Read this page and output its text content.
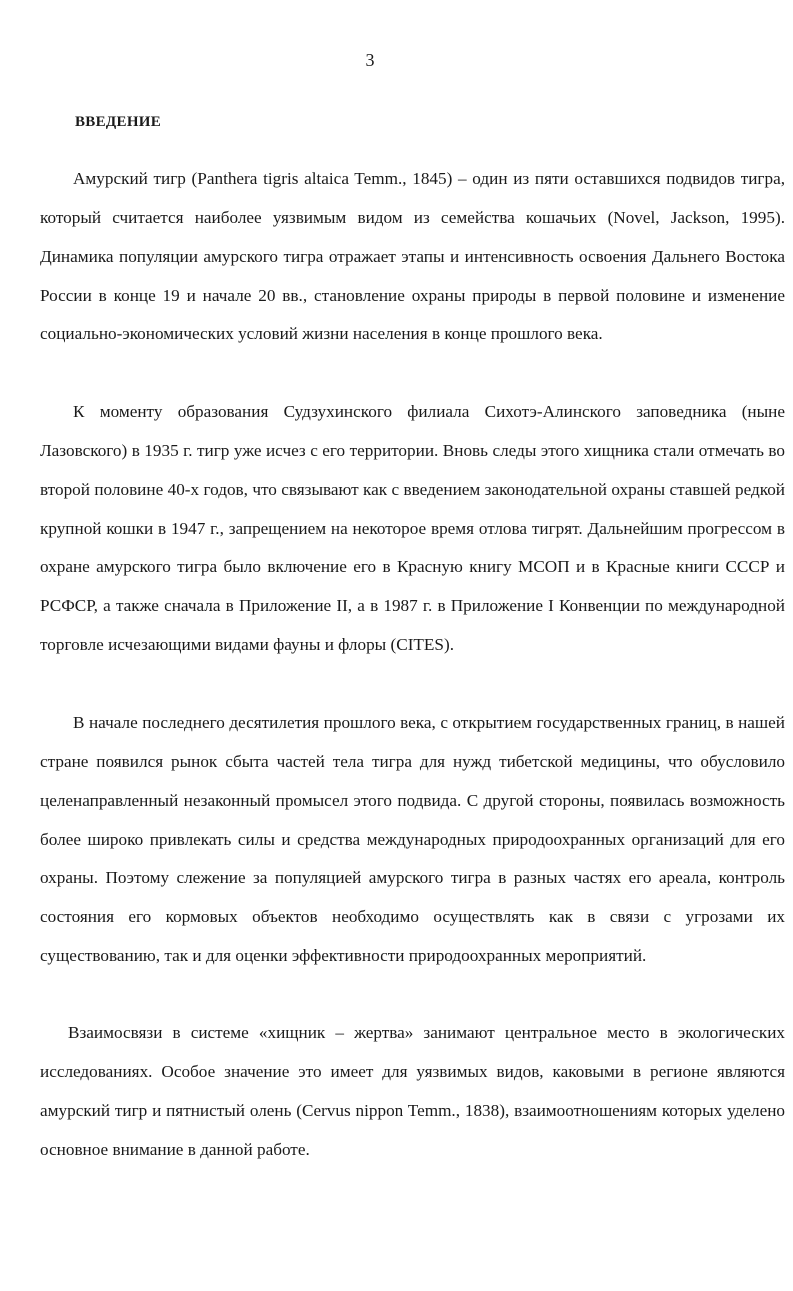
3
ВВЕДЕНИЕ

Амурский тигр (Panthera tigris altaica Temm., 1845) – один из пяти оставшихся подвидов тигра, который считается наиболее уязвимым видом из семейства кошачьих (Novel, Jackson, 1995). Динамика популяции амурского тигра отражает этапы и интенсивность освоения Дальнего Востока России в конце 19 и начале 20 вв., становление охраны природы в первой половине и изменение социально-экономических условий жизни населения в конце прошлого века.

К моменту образования Судзухинского филиала Сихотэ-Алинского заповедника (ныне Лазовского) в 1935 г. тигр уже исчез с его территории. Вновь следы этого хищника стали отмечать во второй половине 40-х годов, что связывают как с введением законодательной охраны ставшей редкой крупной кошки в 1947 г., запрещением на некоторое время отлова тигрят. Дальнейшим прогрессом в охране амурского тигра было включение его в Красную книгу МСОП и в Красные книги СССР и РСФСР, а также сначала в Приложение II, а в 1987 г. в Приложение I Конвенции по международной торговле исчезающими видами фауны и флоры (CITES).

В начале последнего десятилетия прошлого века, с открытием государственных границ, в нашей стране появился рынок сбыта частей тела тигра для нужд тибетской медицины, что обусловило целенаправленный незаконный промысел этого подвида. С другой стороны, появилась возможность более широко привлекать силы и средства международных природоохранных организаций для его охраны. Поэтому слежение за популяцией амурского тигра в разных частях его ареала, контроль состояния его кормовых объектов необходимо осуществлять как в связи с угрозами их существованию, так и для оценки эффективности природоохранных мероприятий.

Взаимосвязи в системе «хищник – жертва» занимают центральное место в экологических исследованиях. Особое значение это имеет для уязвимых видов, каковыми в регионе являются амурский тигр и пятнистый олень (Cervus nippon Temm., 1838), взаимоотношениям которых уделено основное внимание в данной работе.
